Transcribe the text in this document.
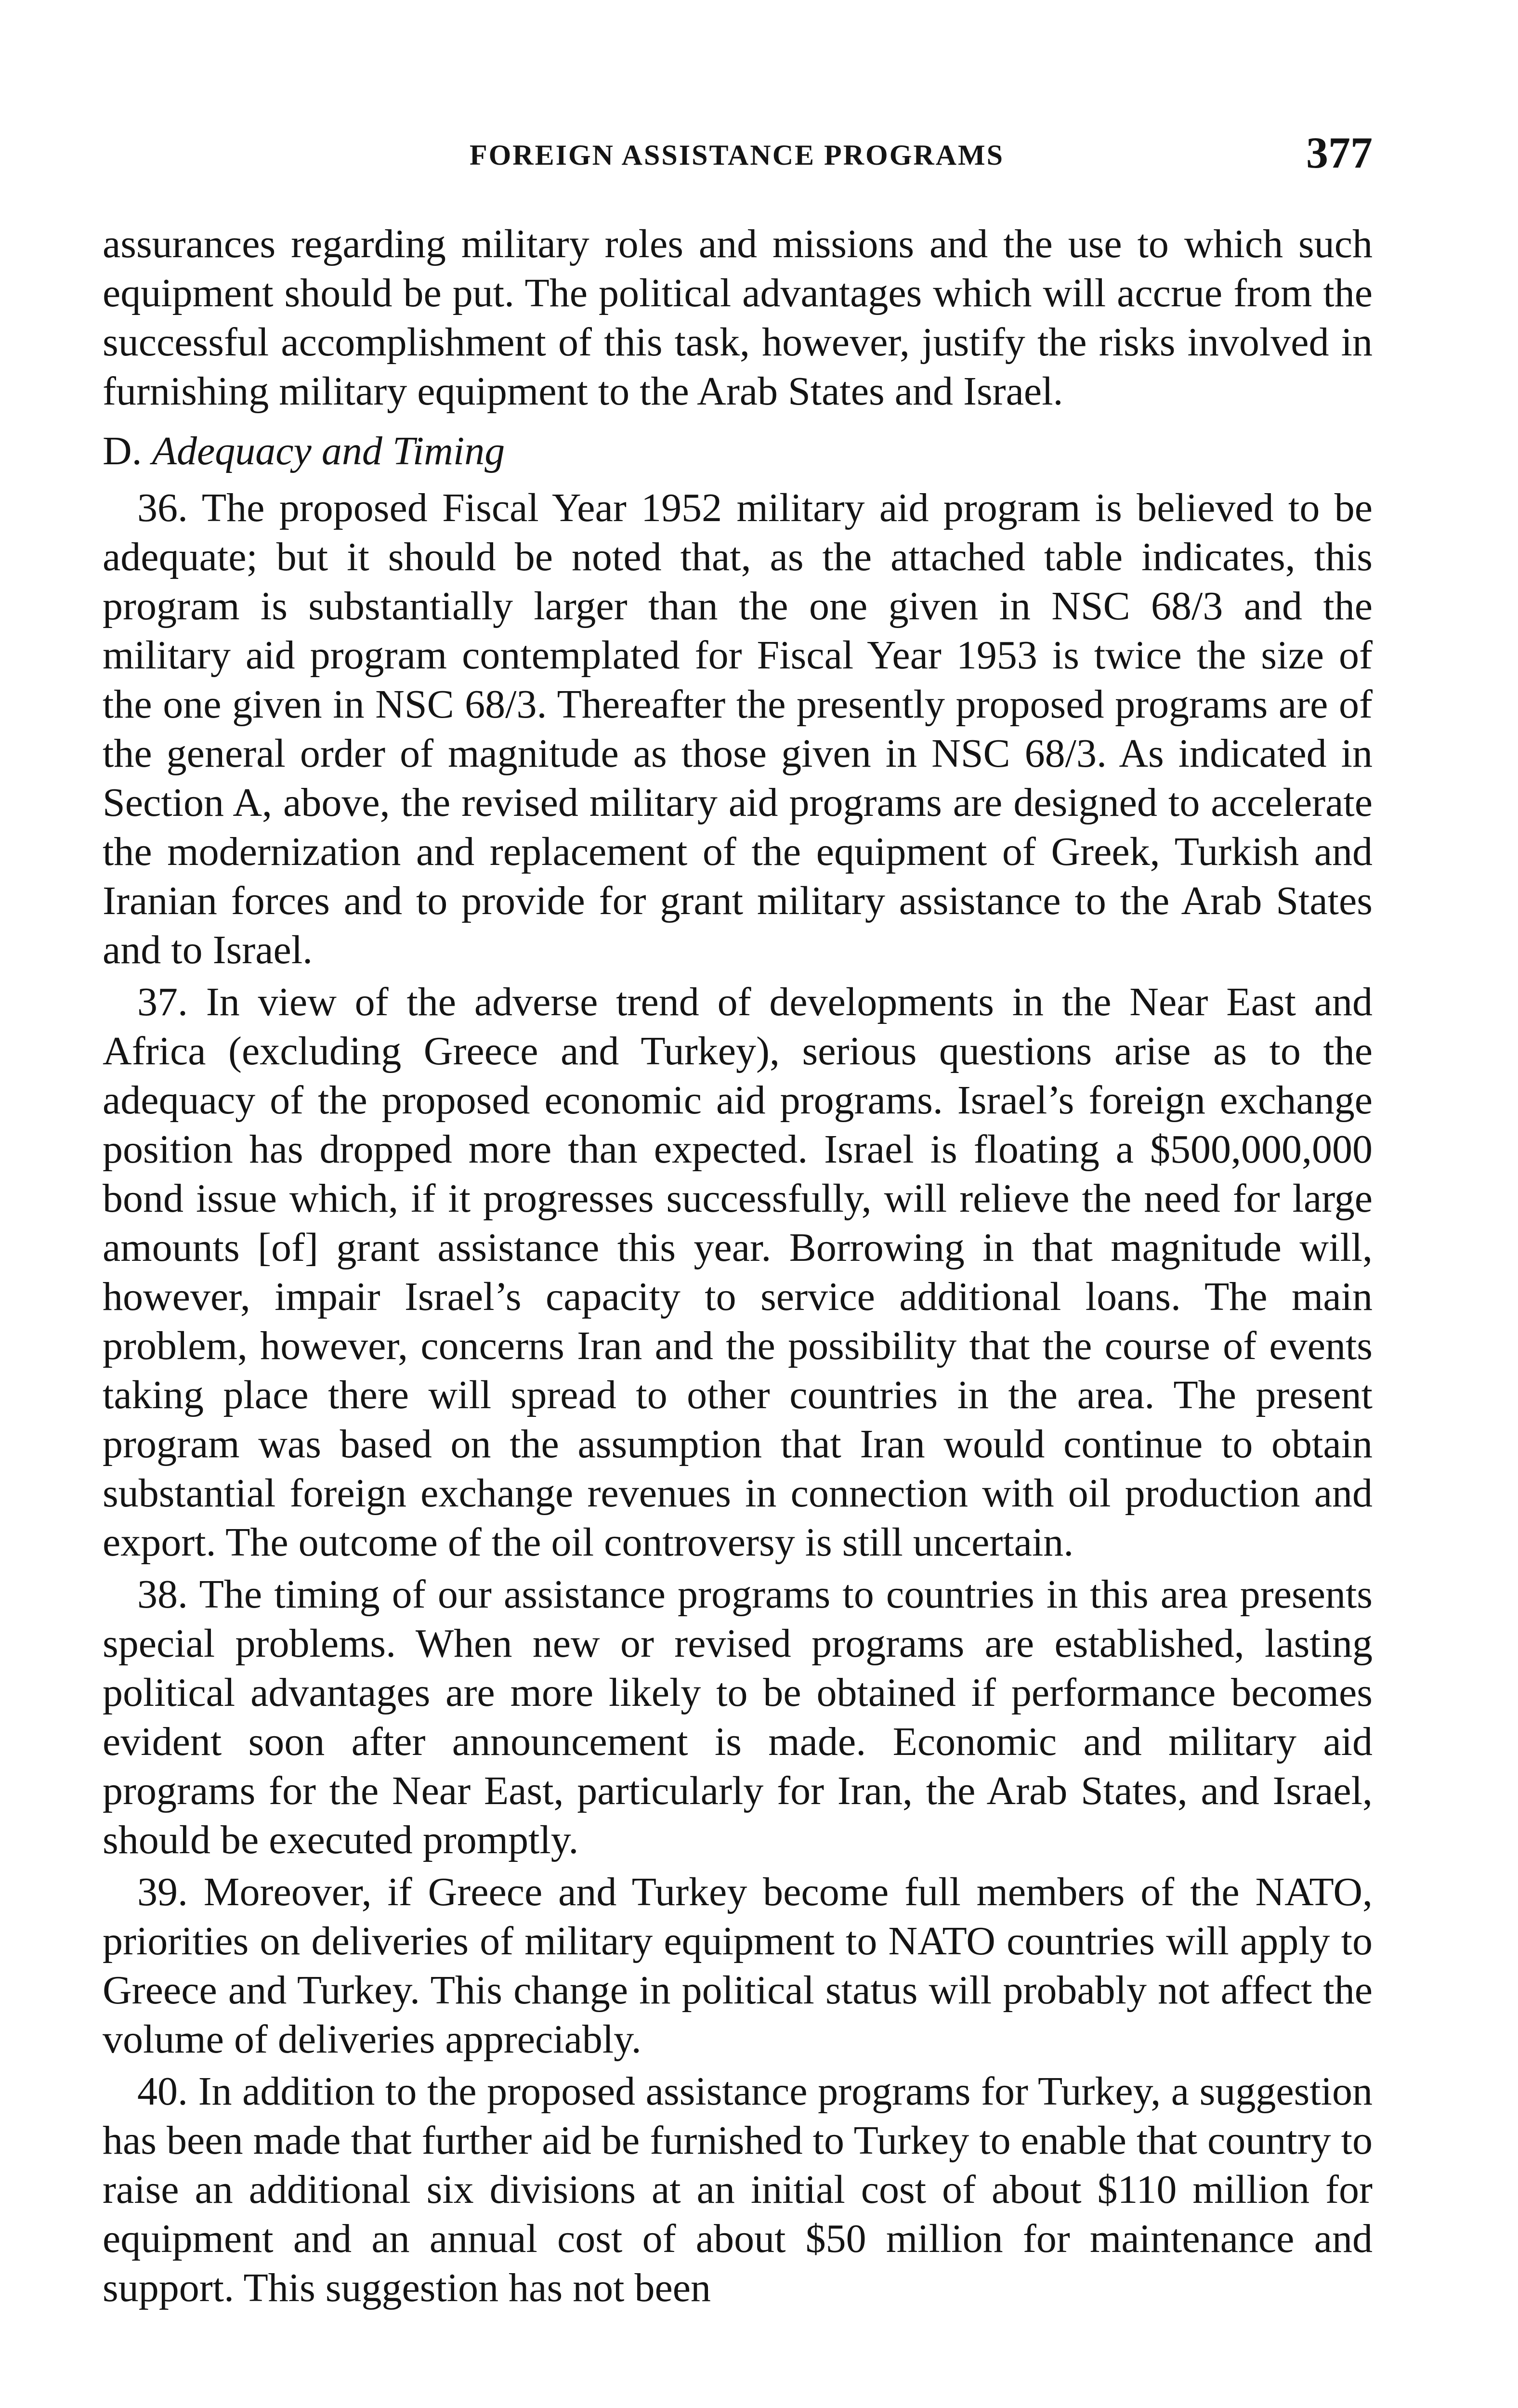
FOREIGN ASSISTANCE PROGRAMS	377

assurances regarding military roles and missions and the use to which such equipment should be put. The political advantages which will accrue from the successful accomplishment of this task, however, justify the risks involved in furnishing military equipment to the Arab States and Israel.

D. Adequacy and Timing

36. The proposed Fiscal Year 1952 military aid program is believed to be adequate; but it should be noted that, as the attached table indicates, this program is substantially larger than the one given in NSC 68/3 and the military aid program contemplated for Fiscal Year 1953 is twice the size of the one given in NSC 68/3. Thereafter the presently proposed programs are of the general order of magnitude as those given in NSC 68/3. As indicated in Section A, above, the revised military aid programs are designed to accelerate the modernization and replacement of the equipment of Greek, Turkish and Iranian forces and to provide for grant military assistance to the Arab States and to Israel.

37. In view of the adverse trend of developments in the Near East and Africa (excluding Greece and Turkey), serious questions arise as to the adequacy of the proposed economic aid programs. Israel’s foreign exchange position has dropped more than expected. Israel is floating a $500,000,000 bond issue which, if it progresses successfully, will relieve the need for large amounts [of] grant assistance this year. Borrowing in that magnitude will, however, impair Israel’s capacity to service additional loans. The main problem, however, concerns Iran and the possibility that the course of events taking place there will spread to other countries in the area. The present program was based on the assumption that Iran would continue to obtain substantial foreign exchange revenues in connection with oil production and export. The outcome of the oil controversy is still uncertain.

38. The timing of our assistance programs to countries in this area presents special problems. When new or revised programs are established, lasting political advantages are more likely to be obtained if performance becomes evident soon after announcement is made. Economic and military aid programs for the Near East, particularly for Iran, the Arab States, and Israel, should be executed promptly.

39. Moreover, if Greece and Turkey become full members of the NATO, priorities on deliveries of military equipment to NATO countries will apply to Greece and Turkey. This change in political status will probably not affect the volume of deliveries appreciably.

40. In addition to the proposed assistance programs for Turkey, a suggestion has been made that further aid be furnished to Turkey to enable that country to raise an additional six divisions at an initial cost of about $110 million for equipment and an annual cost of about $50 million for maintenance and support. This suggestion has not been
